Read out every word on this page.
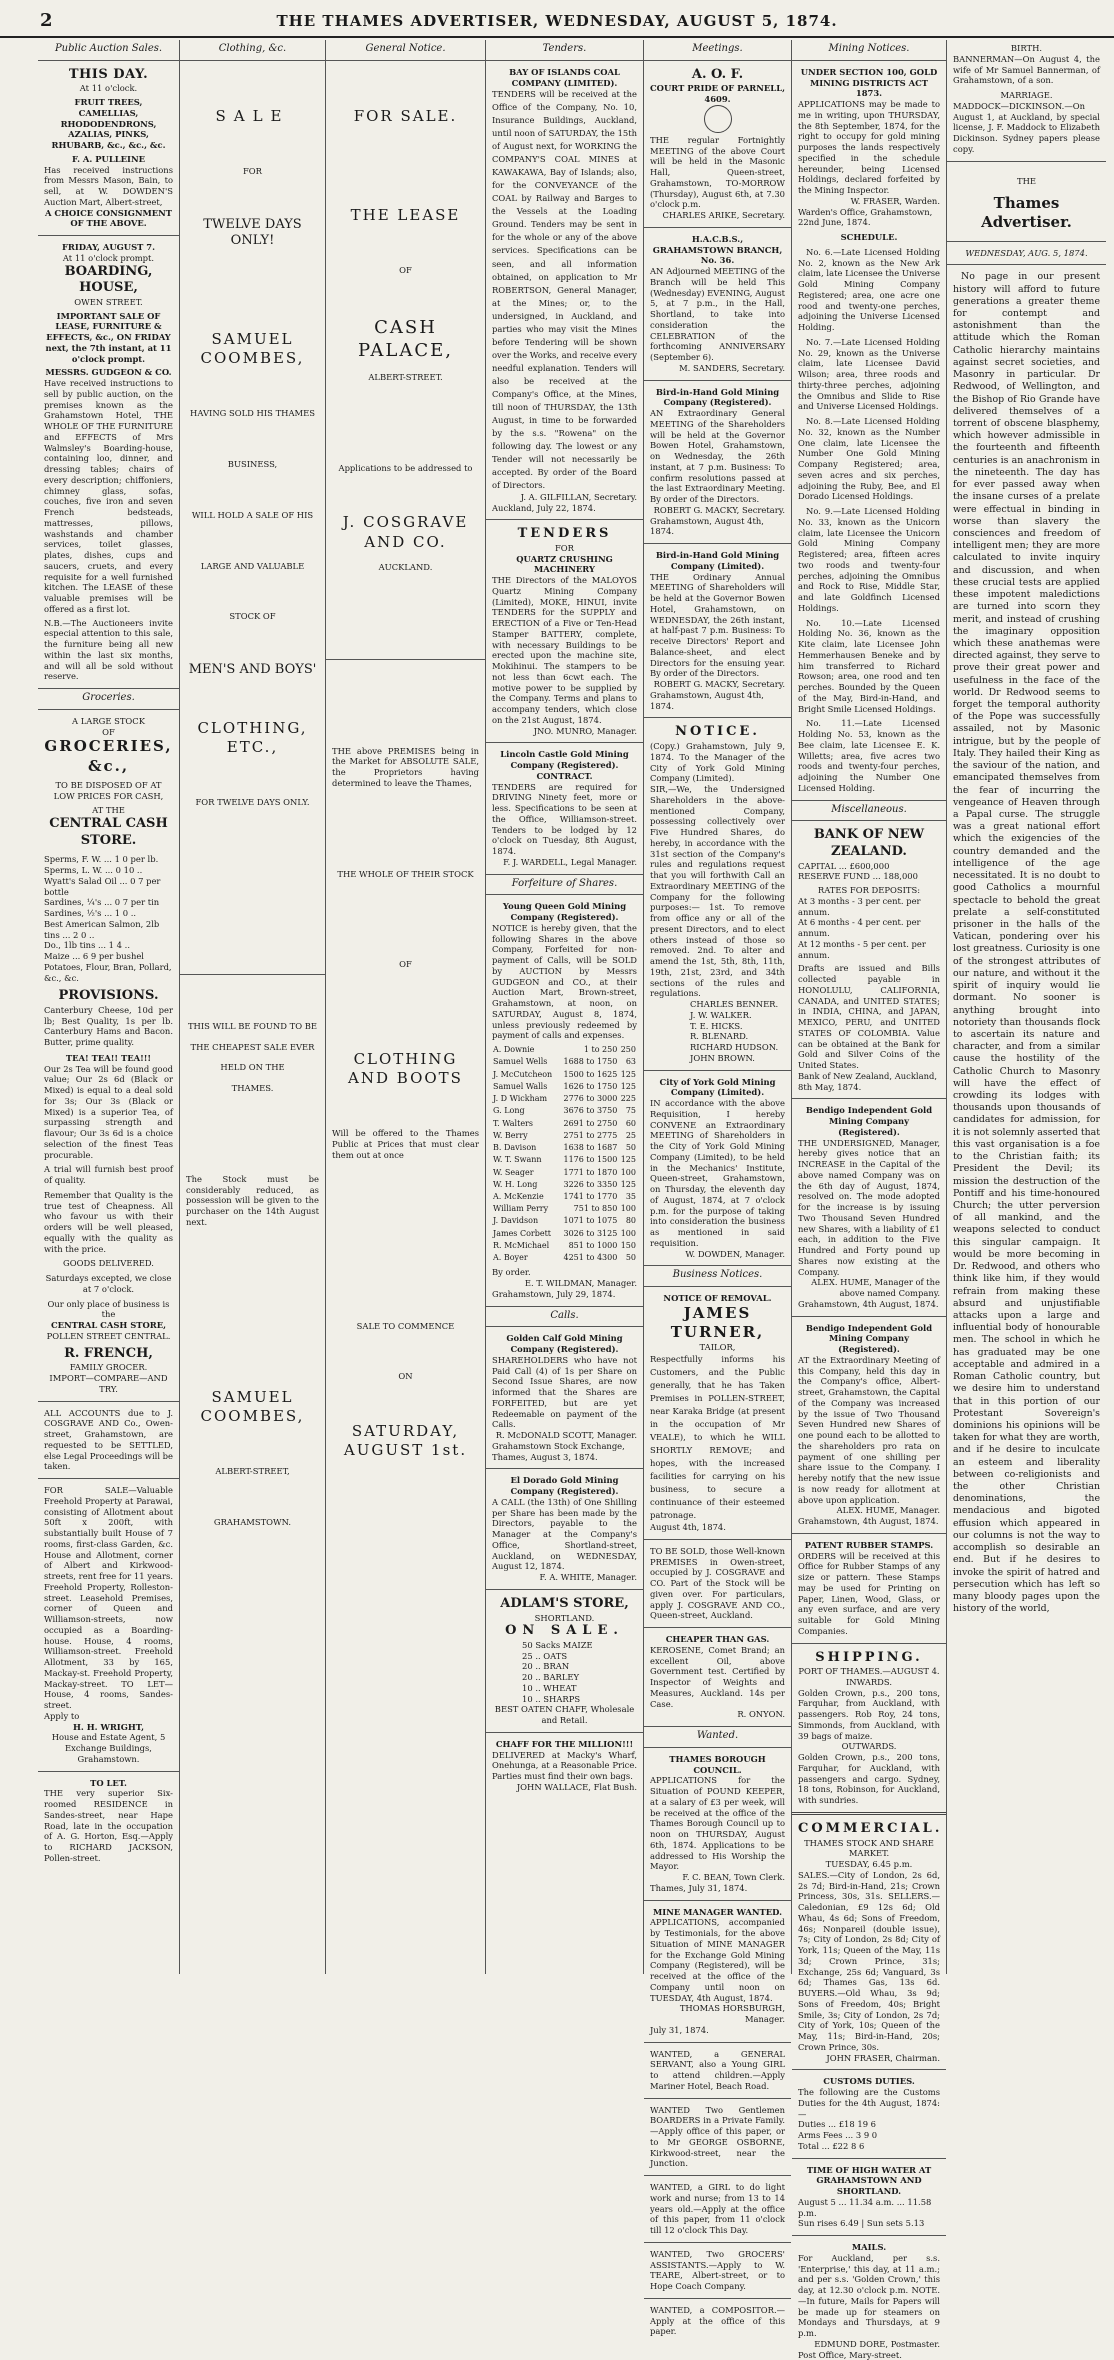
2	THE THAMES ADVERTISER, WEDNESDAY, AUGUST 5, 1874.
Public Auction Sales.
THIS DAY.
At 11 o'clock.
FRUIT TREES, CAMELLIAS, RHODODENDRONS, AZALIAS, PINKS, RHUBARB, &c., &c., &c.
F. A. PULLEINE
Has received instructions from Messrs Mason, Bain, to sell, at W. DOWDEN'S Auction Mart, Albert-street,
A CHOICE CONSIGNMENT OF THE ABOVE.
FRIDAY, AUGUST 7.
At 11 o'clock prompt.
BOARDING, HOUSE,
OWEN STREET.
IMPORTANT SALE OF LEASE, FURNITURE & EFFECTS, &c., ON FRIDAY next, the 7th instant, at 11 o'clock prompt.
MESSRS. GUDGEON & CO.
Have received instructions to sell by public auction, on the premises known as the Grahamstown Hotel, THE WHOLE OF THE FURNITURE and EFFECTS of Mrs Walmsley's Boarding-house, containing loo, dinner, and dressing tables; chairs of every description; chiffoniers, chimney glass, sofas, couches, five iron and seven French bedsteads, mattresses, pillows, washstands and chamber services, toilet glasses, plates, dishes, cups and saucers, cruets, and every requisite for a well furnished kitchen. The LEASE of these valuable premises will be offered as a first lot.
N.B.—The Auctioneers invite especial attention to this sale, the furniture being all new within the last six months, and will all be sold without reserve.
Groceries.
A LARGE STOCK
OF
GROCERIES, &c.,
TO BE DISPOSED OF AT LOW PRICES FOR CASH,
AT THE
CENTRAL CASH STORE.
Sperms, F. W. ... 1 0 per lb.
Sperms, L. W. ... 0 10 ..
Wyatt's Salad Oil ... 0 7 per bottle
Sardines, ¼'s ... 0 7 per tin
Sardines, ½'s ... 1 0 ..
Best American Salmon, 2lb tins ... 2 0 ..
Do., 1lb tins ... 1 4 ..
Maize ... 6 9 per bushel
Potatoes, Flour, Bran, Pollard, &c., &c.
PROVISIONS.
Canterbury Cheese, 10d per lb; Best Quality, 1s per lb. Canterbury Hams and Bacon. Butter, prime quality.
TEA! TEA!! TEA!!!
Our 2s Tea will be found good value; Our 2s 6d (Black or Mixed) is equal to a deal sold for 3s; Our 3s (Black or Mixed) is a superior Tea, of surpassing strength and flavour; Our 3s 6d is a choice selection of the finest Teas procurable.
A trial will furnish best proof of quality.
Remember that Quality is the true test of Cheapness. All who favour us with their orders will be well pleased, equally with the quality as with the price.
GOODS DELIVERED.
Saturdays excepted, we close at 7 o'clock.
Our only place of business is the
CENTRAL CASH STORE,
POLLEN STREET CENTRAL.
R. FRENCH,
FAMILY GROCER.
IMPORT—COMPARE—AND TRY.
ALL ACCOUNTS due to J. COSGRAVE AND Co., Owen-street, Grahamstown, are requested to be SETTLED, else Legal Proceedings will be taken.
FOR SALE—Valuable Freehold Property at Parawai, consisting of Allotment about 50ft x 200ft, with substantially built House of 7 rooms, first-class Garden, &c. House and Allotment, corner of Albert and Kirkwood-streets, rent free for 11 years. Freehold Property, Rolleston-street. Leasehold Premises, corner of Queen and Williamson-streets, now occupied as a Boarding-house. House, 4 rooms, Williamson-street. Freehold Allotment, 33 by 165, Mackay-st. Freehold Property, Mackay-street. TO LET—House, 4 rooms, Sandes-street.
Apply to
H. H. WRIGHT,
House and Estate Agent, 5 Exchange Buildings, Grahamstown.
TO LET.
THE very superior Six-roomed RESIDENCE in Sandes-street, near Hape Road, late in the occupation of A. G. Horton, Esq.—Apply to RICHARD JACKSON, Pollen-street.
Clothing, &c.
SALE
FOR
TWELVE DAYS ONLY!
SAMUEL COOMBES,
HAVING SOLD HIS THAMES
BUSINESS,
WILL HOLD A SALE OF HIS
LARGE AND VALUABLE
STOCK OF
MEN'S AND BOYS'
CLOTHING, ETC.,
FOR TWELVE DAYS ONLY.
THIS WILL BE FOUND TO BE
THE CHEAPEST SALE EVER
HELD ON THE
THAMES.
The Stock must be considerably reduced, as possession will be given to the purchaser on the 14th August next.
SAMUEL COOMBES,
ALBERT-STREET,
GRAHAMSTOWN.
General Notice.
FOR SALE.
THE LEASE
OF
CASH PALACE,
ALBERT-STREET.
Applications to be addressed to
J. COSGRAVE AND CO.
AUCKLAND.
THE above PREMISES being in the Market for ABSOLUTE SALE, the Proprietors having determined to leave the Thames,
THE WHOLE OF THEIR STOCK
OF
CLOTHING AND BOOTS
Will be offered to the Thames Public at Prices that must clear them out at once
SALE TO COMMENCE
ON
SATURDAY, AUGUST 1st.
Tenders.
BAY OF ISLANDS COAL COMPANY (LIMITED).
TENDERS will be received at the Office of the Company, No. 10, Insurance Buildings, Auckland, until noon of SATURDAY, the 15th of August next, for WORKING the COMPANY'S COAL MINES at KAWAKAWA, Bay of Islands; also, for the CONVEYANCE of the COAL by Railway and Barges to the Vessels at the Loading Ground. Tenders may be sent in for the whole or any of the above services. Specifications can be seen, and all information obtained, on application to Mr ROBERTSON, General Manager, at the Mines; or, to the undersigned, in Auckland, and parties who may visit the Mines before Tendering will be shown over the Works, and receive every needful explanation. Tenders will also be received at the Company's Office, at the Mines, till noon of THURSDAY, the 13th August, in time to be forwarded by the s.s. "Rowena" on the following day. The lowest or any Tender will not necessarily be accepted. By order of the Board of Directors.
J. A. GILFILLAN, Secretary.
Auckland, July 22, 1874.
TENDERS
FOR
QUARTZ CRUSHING MACHINERY
THE Directors of the MALOYOS Quartz Mining Company (Limited), MOKE, HINUI, invite TENDERS for the SUPPLY and ERECTION of a Five or Ten-Head Stamper BATTERY, complete, with necessary Buildings to be erected upon the machine site, Mokihinui. The stampers to be not less than 6cwt each. The motive power to be supplied by the Company. Terms and plans to accompany tenders, which close on the 21st August, 1874.
JNO. MUNRO, Manager.
Lincoln Castle Gold Mining Company (Registered).
CONTRACT.
TENDERS are required for DRIVING Ninety feet, more or less. Specifications to be seen at the Office, Williamson-street. Tenders to be lodged by 12 o'clock on Tuesday, 8th August, 1874.
F. J. WARDELL, Legal Manager.
Forfeiture of Shares.
Young Queen Gold Mining Company (Registered).
NOTICE is hereby given, that the following Shares in the above Company, Forfeited for non-payment of Calls, will be SOLD by AUCTION by Messrs GUDGEON and CO., at their Auction Mart, Brown-street, Grahamstown, at noon, on SATURDAY, August 8, 1874, unless previously redeemed by payment of calls and expenses.
A. Downie	1 to 250	250
Samuel Wells	1688 to 1750	63
J. McCutcheon	1500 to 1625	125
Samuel Walls	1626 to 1750	125
J. D Wickham	2776 to 3000	225
G. Long	3676 to 3750	75
T. Walters	2691 to 2750	60
W. Berry	2751 to 2775	25
B. Davison	1638 to 1687	50
W. T. Swann	1176 to 1500	125
W. Seager	1771 to 1870	100
W. H. Long	3226 to 3350	125
A. McKenzie	1741 to 1770	35
William Perry	751 to 850	100
J. Davidson	1071 to 1075	80
James Corbett	3026 to 3125	100
R. McMichael	851 to 1000	150
A. Boyer	4251 to 4300	50
By order.
E. T. WILDMAN, Manager.
Grahamstown, July 29, 1874.
Calls.
Golden Calf Gold Mining Company (Registered).
SHAREHOLDERS who have not Paid Call (4) of 1s per Share on Second Issue Shares, are now informed that the Shares are FORFEITED, but are yet Redeemable on payment of the Calls.
R. McDONALD SCOTT, Manager.
Grahamstown Stock Exchange, Thames, August 3, 1874.
El Dorado Gold Mining Company (Registered).
A CALL (the 13th) of One Shilling per Share has been made by the Directors, payable to the Manager at the Company's Office, Shortland-street, Auckland, on WEDNESDAY, August 12, 1874.
F. A. WHITE, Manager.
ADLAM'S STORE,
SHORTLAND.
ON SALE.
50 Sacks MAIZE
25 .. OATS
20 .. BRAN
20 .. BARLEY
10 .. WHEAT
10 .. SHARPS
BEST OATEN CHAFF, Wholesale and Retail.
CHAFF FOR THE MILLION!!!
DELIVERED at Macky's Wharf, Onehunga, at a Reasonable Price. Parties must find their own bags.
JOHN WALLACE, Flat Bush.
Meetings.
A. O. F.
COURT PRIDE OF PARNELL, 4609.
THE regular Fortnightly MEETING of the above Court will be held in the Masonic Hall, Queen-street, Grahamstown, TO-MORROW (Thursday), August 6th, at 7.30 o'clock p.m.
CHARLES ARIKE, Secretary.
H.A.C.B.S., GRAHAMSTOWN BRANCH, No. 36.
AN Adjourned MEETING of the Branch will be held This (Wednesday) EVENING, August 5, at 7 p.m., in the Hall, Shortland, to take into consideration the CELEBRATION of the forthcoming ANNIVERSARY (September 6).
M. SANDERS, Secretary.
Bird-in-Hand Gold Mining Company (Registered).
AN Extraordinary General MEETING of the Shareholders will be held at the Governor Bowen Hotel, Grahamstown, on Wednesday, the 26th instant, at 7 p.m. Business: To confirm resolutions passed at the last Extraordinary Meeting. By order of the Directors.
ROBERT G. MACKY, Secretary.
Grahamstown, August 4th, 1874.
Bird-in-Hand Gold Mining Company (Limited).
THE Ordinary Annual MEETING of Shareholders will be held at the Governor Bowen Hotel, Grahamstown, on WEDNESDAY, the 26th instant, at half-past 7 p.m. Business: To receive Directors' Report and Balance-sheet, and elect Directors for the ensuing year. By order of the Directors.
ROBERT G. MACKY, Secretary.
Grahamstown, August 4th, 1874.
NOTICE.
(Copy.) Grahamstown, July 9, 1874. To the Manager of the City of York Gold Mining Company (Limited).
SIR,—We, the Undersigned Shareholders in the above-mentioned Company, possessing collectively over Five Hundred Shares, do hereby, in accordance with the 31st section of the Company's rules and regulations request that you will forthwith Call an Extraordinary MEETING of the Company for the following purposes:— 1st. To remove from office any or all of the present Directors, and to elect others instead of those so removed. 2nd. To alter and amend the 1st, 5th, 8th, 11th, 19th, 21st, 23rd, and 34th sections of the rules and regulations.
CHARLES BENNER.
J. W. WALKER.
T. E. HICKS.
R. BLENARD.
RICHARD HUDSON.
JOHN BROWN.
City of York Gold Mining Company (Limited).
IN accordance with the above Requisition, I hereby CONVENE an Extraordinary MEETING of Shareholders in the City of York Gold Mining Company (Limited), to be held in the Mechanics' Institute, Queen-street, Grahamstown, on Thursday, the eleventh day of August, 1874, at 7 o'clock p.m. for the purpose of taking into consideration the business as mentioned in said requisition.
W. DOWDEN, Manager.
Business Notices.
NOTICE OF REMOVAL.
JAMES TURNER,
TAILOR,
Respectfully informs his Customers, and the Public generally, that he has Taken Premises in POLLEN-STREET, near Karaka Bridge (at present in the occupation of Mr VEALE), to which he WILL SHORTLY REMOVE; and hopes, with the increased facilities for carrying on his business, to secure a continuance of their esteemed patronage.
August 4th, 1874.
TO BE SOLD, those Well-known PREMISES in Owen-street, occupied by J. COSGRAVE and CO. Part of the Stock will be given over. For particulars, apply J. COSGRAVE AND CO., Queen-street, Auckland.
CHEAPER THAN GAS.
KEROSENE, Comet Brand; an excellent Oil, above Government test. Certified by Inspector of Weights and Measures, Auckland. 14s per Case.
R. ONYON.
Wanted.
THAMES BOROUGH COUNCIL.
APPLICATIONS for the Situation of POUND KEEPER, at a salary of £3 per week, will be received at the office of the Thames Borough Council up to noon on THURSDAY, August 6th, 1874. Applications to be addressed to His Worship the Mayor.
F. C. BEAN, Town Clerk.
Thames, July 31, 1874.
MINE MANAGER WANTED.
APPLICATIONS, accompanied by Testimonials, for the above Situation of MINE MANAGER for the Exchange Gold Mining Company (Registered), will be received at the office of the Company until noon on TUESDAY, 4th August, 1874.
THOMAS HORSBURGH, Manager.
July 31, 1874.
WANTED, a GENERAL SERVANT, also a Young GIRL to attend children.—Apply Mariner Hotel, Beach Road.
WANTED Two Gentlemen BOARDERS in a Private Family.—Apply office of this paper, or to Mr GEORGE OSBORNE, Kirkwood-street, near the Junction.
WANTED, a GIRL to do light work and nurse; from 13 to 14 years old.—Apply at the office of this paper, from 11 o'clock till 12 o'clock This Day.
WANTED, Two GROCERS' ASSISTANTS.—Apply to W. TEARE, Albert-street, or to Hope Coach Company.
WANTED, a COMPOSITOR.—Apply at the office of this paper.
Mining Notices.
UNDER SECTION 100, GOLD MINING DISTRICTS ACT 1873.
APPLICATIONS may be made to me in writing, upon THURSDAY, the 8th September, 1874, for the right to occupy for gold mining purposes the lands respectively specified in the schedule hereunder, being Licensed Holdings, declared forfeited by the Mining Inspector.
W. FRASER, Warden.
Warden's Office, Grahamstown, 22nd June, 1874.
SCHEDULE.
No. 6.—Late Licensed Holding No. 2, known as the New Ark claim, late Licensee the Universe Gold Mining Company Registered; area, one acre one rood and twenty-one perches, adjoining the Universe Licensed Holding.
No. 7.—Late Licensed Holding No. 29, known as the Universe claim, late Licensee David Wilson; area, three roods and thirty-three perches, adjoining the Omnibus and Slide to Rise and Universe Licensed Holdings.
No. 8.—Late Licensed Holding No. 32, known as the Number One claim, late Licensee the Number One Gold Mining Company Registered; area, seven acres and six perches, adjoining the Ruby, Bee, and El Dorado Licensed Holdings.
No. 9.—Late Licensed Holding No. 33, known as the Unicorn claim, late Licensee the Unicorn Gold Mining Company Registered; area, fifteen acres two roods and twenty-four perches, adjoining the Omnibus and Rock to Rise, Middle Star, and late Goldfinch Licensed Holdings.
No. 10.—Late Licensed Holding No. 36, known as the Kite claim, late Licensee John Hemmerhausen Beneke and by him transferred to Richard Rowson; area, one rood and ten perches. Bounded by the Queen of the May, Bird-in-Hand, and Bright Smile Licensed Holdings.
No. 11.—Late Licensed Holding No. 53, known as the Bee claim, late Licensee E. K. Willetts; area, five acres two roods and twenty-four perches, adjoining the Number One Licensed Holding.
Miscellaneous.
BANK OF NEW ZEALAND.
CAPITAL ... £600,000
RESERVE FUND ... 188,000
RATES FOR DEPOSITS:
At 3 months - 3 per cent. per annum.
At 6 months - 4 per cent. per annum.
At 12 months - 5 per cent. per annum.
Drafts are issued and Bills collected payable in HONOLULU, CALIFORNIA, CANADA, and UNITED STATES; in INDIA, CHINA, and JAPAN, MEXICO, PERU, and UNITED STATES OF COLOMBIA. Value can be obtained at the Bank for Gold and Silver Coins of the United States.
Bank of New Zealand, Auckland, 8th May, 1874.
Bendigo Independent Gold Mining Company (Registered).
THE UNDERSIGNED, Manager, hereby gives notice that an INCREASE in the Capital of the above named Company was on the 6th day of August, 1874, resolved on. The mode adopted for the increase is by issuing Two Thousand Seven Hundred new Shares, with a liability of £1 each, in addition to the Five Hundred and Forty pound up Shares now existing at the Company.
ALEX. HUME, Manager of the above named Company.
Grahamstown, 4th August, 1874.
Bendigo Independent Gold Mining Company (Registered).
AT the Extraordinary Meeting of this Company, held this day in the Company's office, Albert-street, Grahamstown, the Capital of the Company was increased by the issue of Two Thousand Seven Hundred new Shares of one pound each to be allotted to the shareholders pro rata on payment of one shilling per share issue to the Company. I hereby notify that the new issue is now ready for allotment at above upon application.
ALEX. HUME, Manager.
Grahamstown, 4th August, 1874.
PATENT RUBBER STAMPS.
ORDERS will be received at this Office for Rubber Stamps of any size or pattern. These Stamps may be used for Printing on Paper, Linen, Wood, Glass, or any even surface, and are very suitable for Gold Mining Companies.
SHIPPING.
PORT OF THAMES.—AUGUST 4.
INWARDS.
Golden Crown, p.s., 200 tons, Farquhar, from Auckland, with passengers. Rob Roy, 24 tons, Simmonds, from Auckland, with 39 bags of maize.
OUTWARDS.
Golden Crown, p.s., 200 tons, Farquhar, for Auckland, with passengers and cargo. Sydney, 18 tons, Robinson, for Auckland, with sundries.
COMMERCIAL.
THAMES STOCK AND SHARE MARKET.
TUESDAY, 6.45 p.m.
SALES.—City of London, 2s 6d, 2s 7d; Bird-in-Hand, 21s; Crown Princess, 30s, 31s. SELLERS.—Caledonian, £9 12s 6d; Old Whau, 4s 6d; Sons of Freedom, 46s; Nonpareil (double issue), 7s; City of London, 2s 8d; City of York, 11s; Queen of the May, 11s 3d; Crown Prince, 31s; Exchange, 25s 6d; Vanguard, 3s 6d; Thames Gas, 13s 6d. BUYERS.—Old Whau, 3s 9d; Sons of Freedom, 40s; Bright Smile, 3s; City of London, 2s 7d; City of York, 10s; Queen of the May, 11s; Bird-in-Hand, 20s; Crown Prince, 30s.
JOHN FRASER, Chairman.
CUSTOMS DUTIES.
The following are the Customs Duties for the 4th August, 1874:—
Duties ... £18 19 6
Arms Fees ... 3 9 0
Total ... £22 8 6
TIME OF HIGH WATER AT GRAHAMSTOWN AND SHORTLAND.
August 5 ... 11.34 a.m. ... 11.58 p.m.
Sun rises 6.49 | Sun sets 5.13
MAILS.
For Auckland, per s.s. 'Enterprise,' this day, at 11 a.m.; and per s.s. 'Golden Crown,' this day, at 12.30 o'clock p.m. NOTE.—In future, Mails for Papers will be made up for steamers on Mondays and Thursdays, at 9 p.m.
EDMUND DORE, Postmaster.
Post Office, Mary-street.
BIRTH.
BANNERMAN—On August 4, the wife of Mr Samuel Bannerman, of Grahamstown, of a son.
MARRIAGE.
MADDOCK—DICKINSON.—On August 1, at Auckland, by special license, J. F. Maddock to Elizabeth Dickinson. Sydney papers please copy.
THE
Thames Advertiser.
WEDNESDAY, AUG. 5, 1874.
No page in our present history will afford to future generations a greater theme for contempt and astonishment than the attitude which the Roman Catholic hierarchy maintains against secret societies, and Masonry in particular. Dr Redwood, of Wellington, and the Bishop of Rio Grande have delivered themselves of a torrent of obscene blasphemy, which however admissible in the fourteenth and fifteenth centuries is an anachronism in the nineteenth. The day has for ever passed away when the insane curses of a prelate were effectual in binding in worse than slavery the consciences and freedom of intelligent men; they are more calculated to invite inquiry and discussion, and when these crucial tests are applied these impotent maledictions are turned into scorn they merit, and instead of crushing the imaginary opposition which these anathemas were directed against, they serve to prove their great power and usefulness in the face of the world. Dr Redwood seems to forget the temporal authority of the Pope was successfully assailed, not by Masonic intrigue, but by the people of Italy. They hailed their King as the saviour of the nation, and emancipated themselves from the fear of incurring the vengeance of Heaven through a Papal curse. The struggle was a great national effort which the exigencies of the country demanded and the intelligence of the age necessitated. It is no doubt to good Catholics a mournful spectacle to behold the great prelate a self-constituted prisoner in the halls of the Vatican, pondering over his lost greatness. Curiosity is one of the strongest attributes of our nature, and without it the spirit of inquiry would lie dormant. No sooner is anything brought into notoriety than thousands flock to ascertain its nature and character, and from a similar cause the hostility of the Catholic Church to Masonry will have the effect of crowding its lodges with thousands upon thousands of candidates for admission, for it is not solemnly asserted that this vast organisation is a foe to the Christian faith; its President the Devil; its mission the destruction of the Pontiff and his time-honoured Church; the utter perversion of all mankind, and the weapons selected to conduct this singular campaign. It would be more becoming in Dr. Redwood, and others who think like him, if they would refrain from making these absurd and unjustifiable attacks upon a large and influential body of honourable men. The school in which he has graduated may be one acceptable and admired in a Roman Catholic country, but we desire him to understand that in this portion of our Protestant Sovereign's dominions his opinions will be taken for what they are worth, and if he desire to inculcate an esteem and liberality between co-religionists and the other Christian denominations, the mendacious and bigoted effusion which appeared in our columns is not the way to accomplish so desirable an end. But if he desires to invoke the spirit of hatred and persecution which has left so many bloody pages upon the history of the world,
